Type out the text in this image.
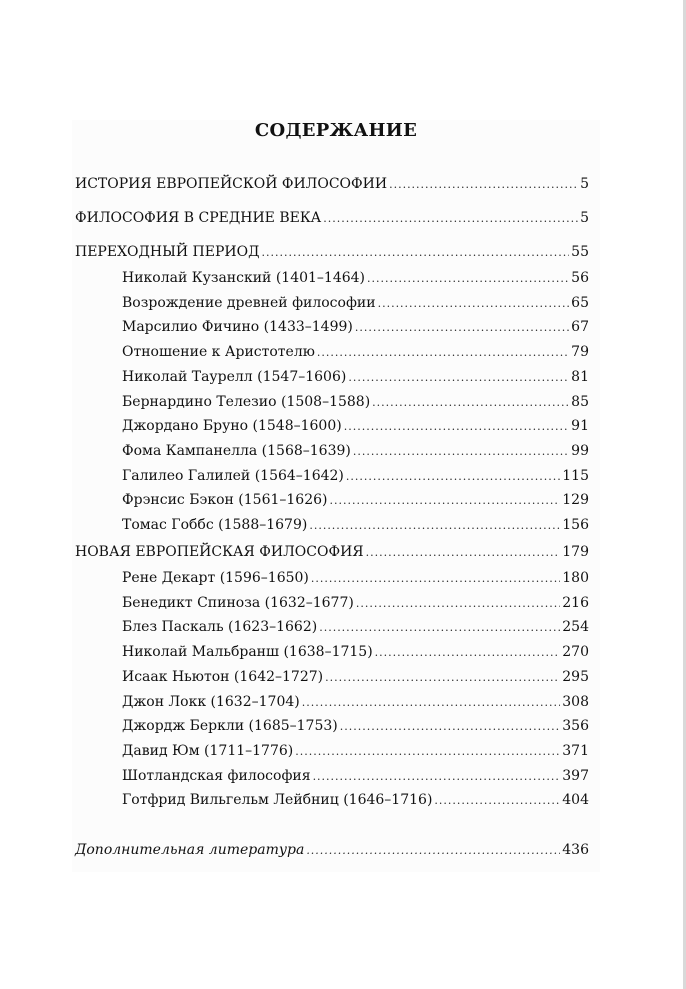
СОДЕРЖАНИЕ
ИСТОРИЯ ЕВРОПЕЙСКОЙ ФИЛОСОФИИ .....	5
ФИЛОСОФИЯ В СРЕДНИЕ ВЕКА .....	5
ПЕРЕХОДНЫЙ ПЕРИОД .....	55
Николай Кузанский (1401–1464) .....	56
Возрождение древней философии .....	65
Марсилио Фичино (1433–1499) .....	67
Отношение к Аристотелю .....	79
Николай Таурелл (1547–1606) .....	81
Бернардино Телезио (1508–1588) .....	85
Джордано Бруно (1548–1600) .....	91
Фома Кампанелла (1568–1639) .....	99
Галилео Галилей (1564–1642) .....	115
Фрэнсис Бэкон (1561–1626) .....	129
Томас Гоббс (1588–1679) .....	156
НОВАЯ ЕВРОПЕЙСКАЯ ФИЛОСОФИЯ .....	179
Рене Декарт (1596–1650) .....	180
Бенедикт Спиноза (1632–1677) .....	216
Блез Паскаль (1623–1662) .....	254
Николай Мальбранш (1638–1715) .....	270
Исаак Ньютон (1642–1727) .....	295
Джон Локк (1632–1704) .....	308
Джордж Беркли (1685–1753) .....	356
Давид Юм (1711–1776) .....	371
Шотландская философия .....	397
Готфрид Вильгельм Лейбниц (1646–1716) .....	404
Дополнительная литература .....	436
